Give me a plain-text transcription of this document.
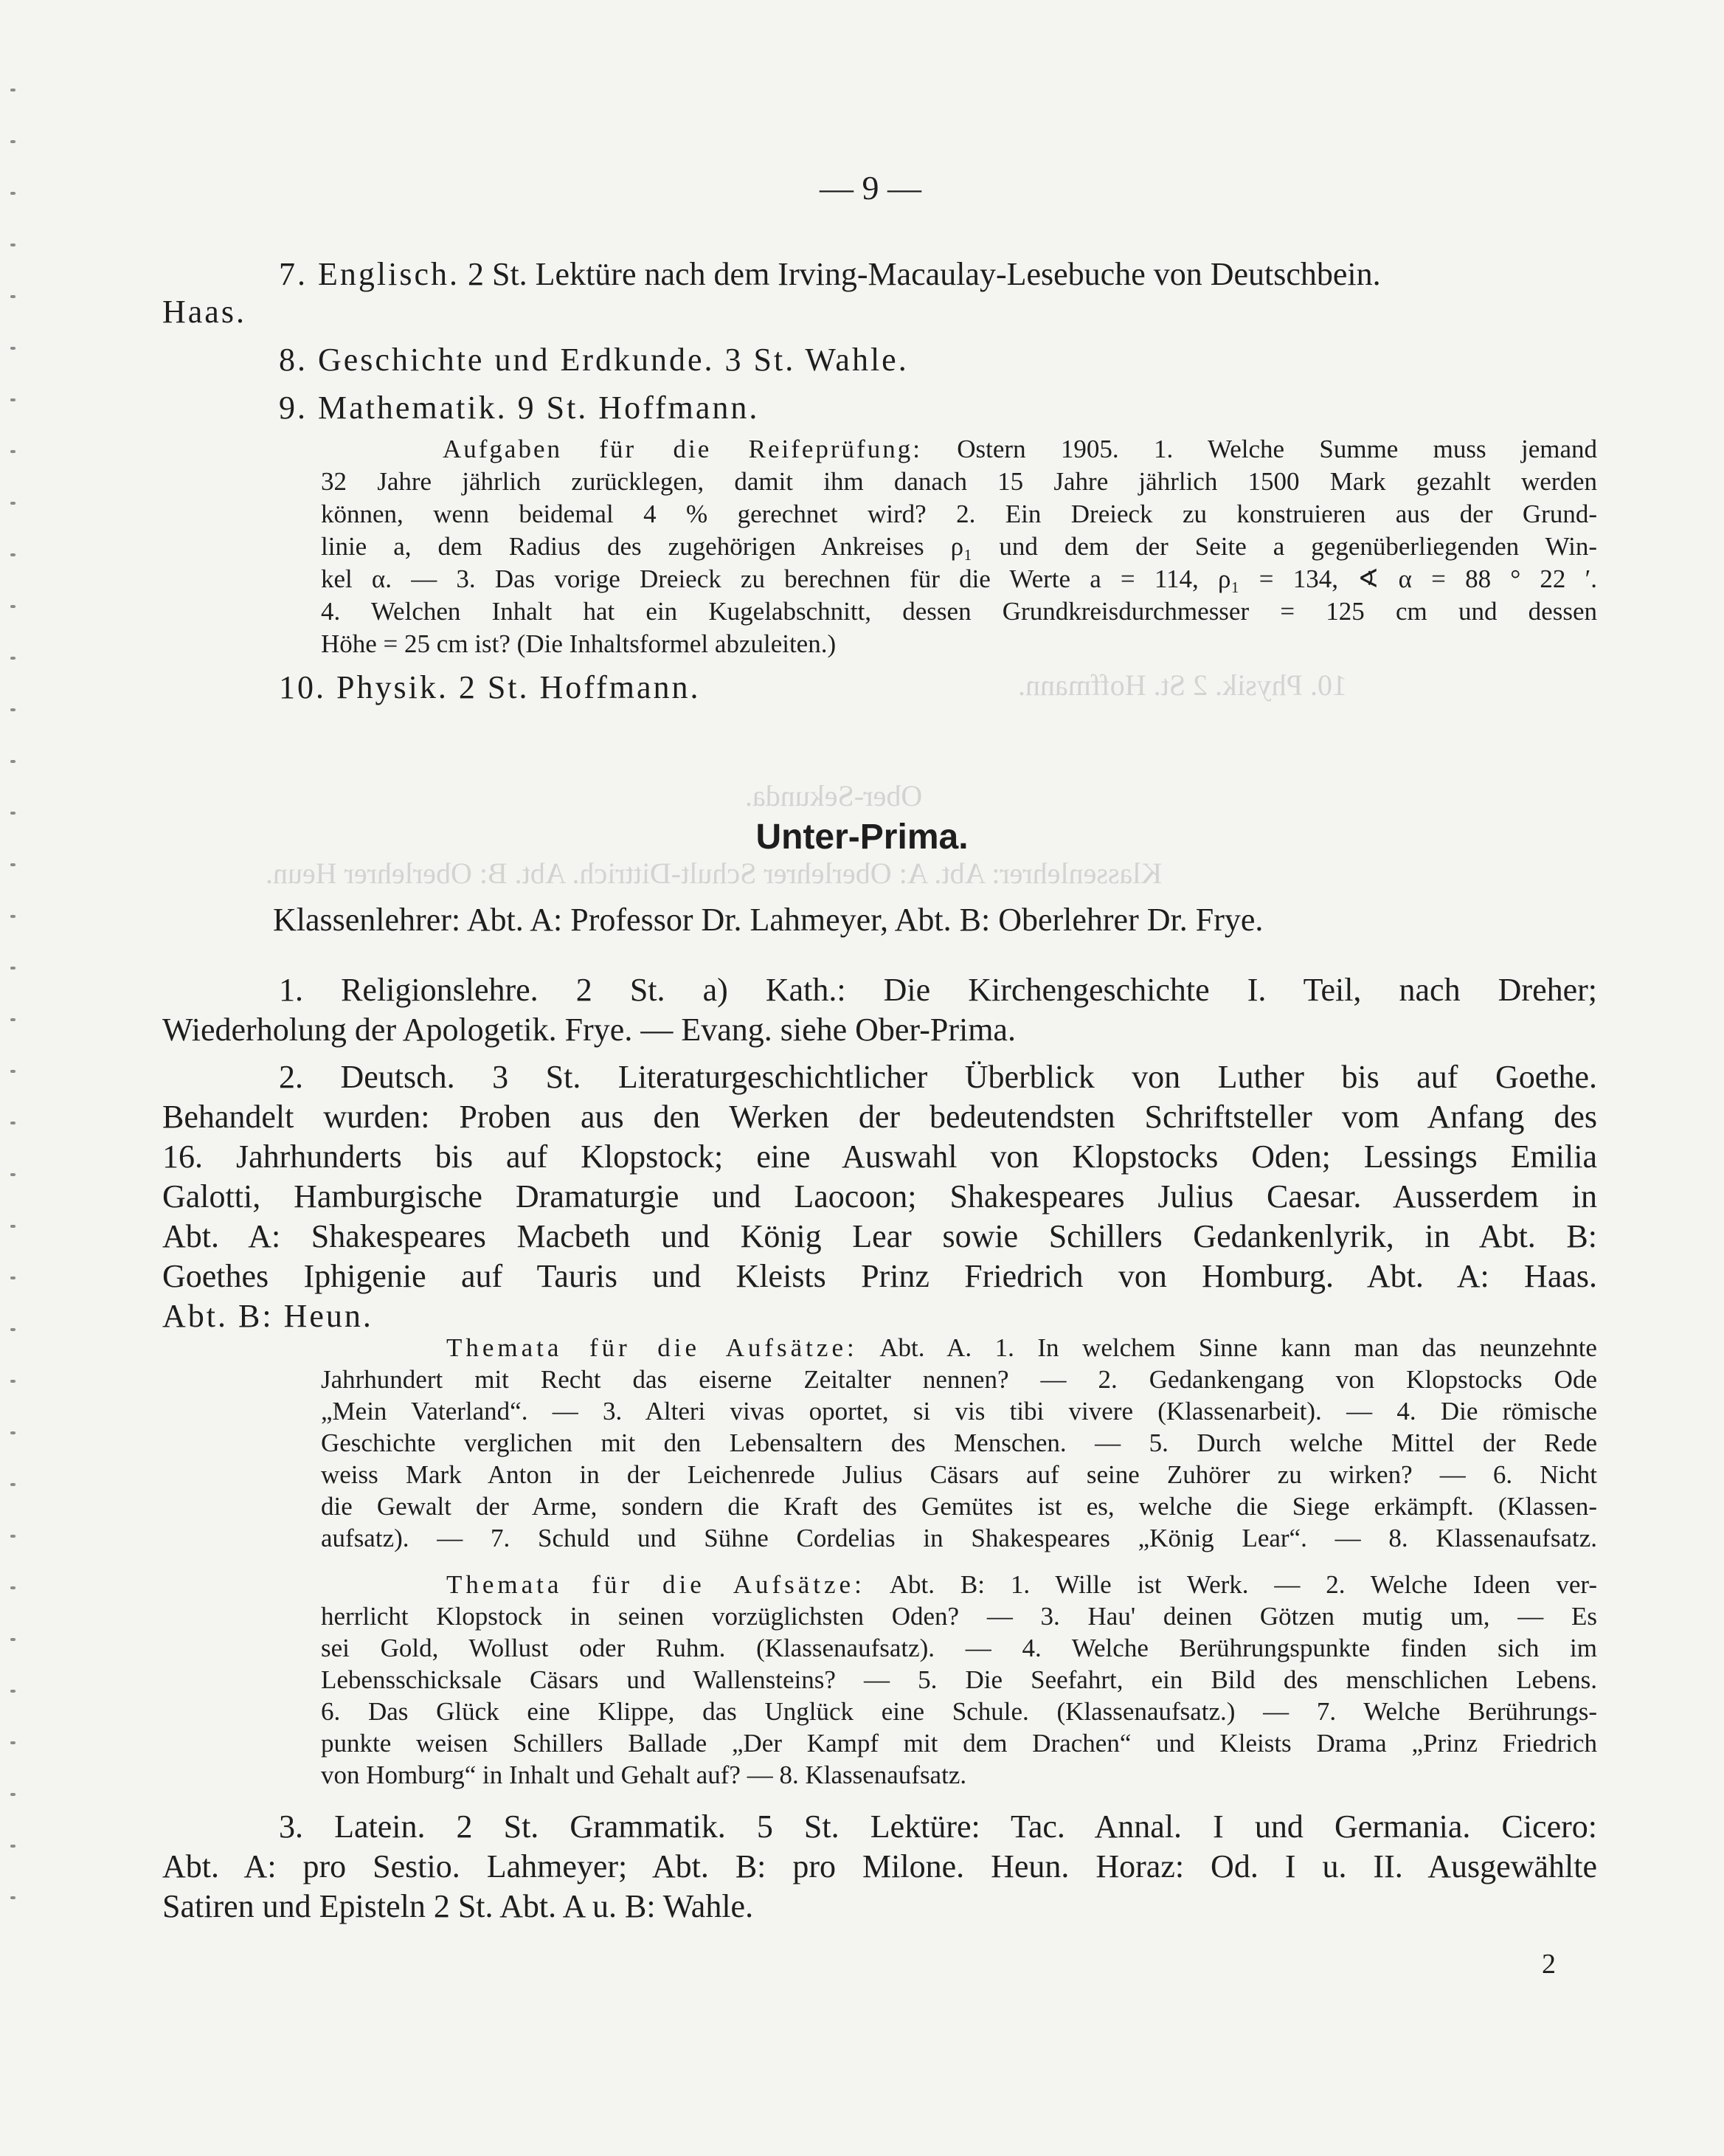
Ober-Sekunda.
10. Physik. 2 St. Hoffmann.
Klassenlehrer: Abt. A: Oberlehrer Schult-Dittrich. Abt. B: Oberlehrer Heun.
— 9 —
7. Englisch. 2 St. Lektüre nach dem Irving-Macaulay-Lesebuche von Deutschbein.
Haas.
8. Geschichte und Erdkunde. 3 St. Wahle.
9. Mathematik. 9 St. Hoffmann.
Aufgaben für die Reifeprüfung: Ostern 1905. 1. Welche Summe muss jemand
32 Jahre jährlich zurücklegen, damit ihm danach 15 Jahre jährlich 1500 Mark gezahlt werden
können, wenn beidemal 4 % gerechnet wird? 2. Ein Dreieck zu konstruieren aus der Grund-
linie a, dem Radius des zugehörigen Ankreises ρ₁ und dem der Seite a gegenüberliegenden Win-
kel α. — 3. Das vorige Dreieck zu berechnen für die Werte a = 114, ρ₁ = 134, ∢ α = 88 ° 22 ′.
4. Welchen Inhalt hat ein Kugelabschnitt, dessen Grundkreisdurchmesser = 125 cm und dessen
Höhe = 25 cm ist? (Die Inhaltsformel abzuleiten.)
10. Physik. 2 St. Hoffmann.
Unter-Prima.
Klassenlehrer: Abt. A: Professor Dr. Lahmeyer, Abt. B: Oberlehrer Dr. Frye.
1. Religionslehre. 2 St. a) Kath.: Die Kirchengeschichte I. Teil, nach Dreher;
Wiederholung der Apologetik. Frye. — Evang. siehe Ober-Prima.
2. Deutsch. 3 St. Literaturgeschichtlicher Überblick von Luther bis auf Goethe.
Behandelt wurden: Proben aus den Werken der bedeutendsten Schriftsteller vom Anfang des
16. Jahrhunderts bis auf Klopstock; eine Auswahl von Klopstocks Oden; Lessings Emilia
Galotti, Hamburgische Dramaturgie und Laocoon; Shakespeares Julius Caesar. Ausserdem in
Abt. A: Shakespeares Macbeth und König Lear sowie Schillers Gedankenlyrik, in Abt. B:
Goethes Iphigenie auf Tauris und Kleists Prinz Friedrich von Homburg. Abt. A: Haas.
Abt. B: Heun.
Themata für die Aufsätze: Abt. A. 1. In welchem Sinne kann man das neunzehnte
Jahrhundert mit Recht das eiserne Zeitalter nennen? — 2. Gedankengang von Klopstocks Ode
„Mein Vaterland“. — 3. Alteri vivas oportet, si vis tibi vivere (Klassenarbeit). — 4. Die römische
Geschichte verglichen mit den Lebensaltern des Menschen. — 5. Durch welche Mittel der Rede
weiss Mark Anton in der Leichenrede Julius Cäsars auf seine Zuhörer zu wirken? — 6. Nicht
die Gewalt der Arme, sondern die Kraft des Gemütes ist es, welche die Siege erkämpft. (Klassen-
aufsatz). — 7. Schuld und Sühne Cordelias in Shakespeares „König Lear“. — 8. Klassenaufsatz.
Themata für die Aufsätze: Abt. B: 1. Wille ist Werk. — 2. Welche Ideen ver-
herrlicht Klopstock in seinen vorzüglichsten Oden? — 3. Hau' deinen Götzen mutig um, — Es
sei Gold, Wollust oder Ruhm. (Klassenaufsatz). — 4. Welche Berührungspunkte finden sich im
Lebensschicksale Cäsars und Wallensteins? — 5. Die Seefahrt, ein Bild des menschlichen Lebens.
6. Das Glück eine Klippe, das Unglück eine Schule. (Klassenaufsatz.) — 7. Welche Berührungs-
punkte weisen Schillers Ballade „Der Kampf mit dem Drachen“ und Kleists Drama „Prinz Friedrich
von Homburg“ in Inhalt und Gehalt auf? — 8. Klassenaufsatz.
3. Latein. 2 St. Grammatik. 5 St. Lektüre: Tac. Annal. I und Germania. Cicero:
Abt. A: pro Sestio. Lahmeyer; Abt. B: pro Milone. Heun. Horaz: Od. I u. II. Ausgewählte
Satiren und Episteln 2 St. Abt. A u. B: Wahle.
2
